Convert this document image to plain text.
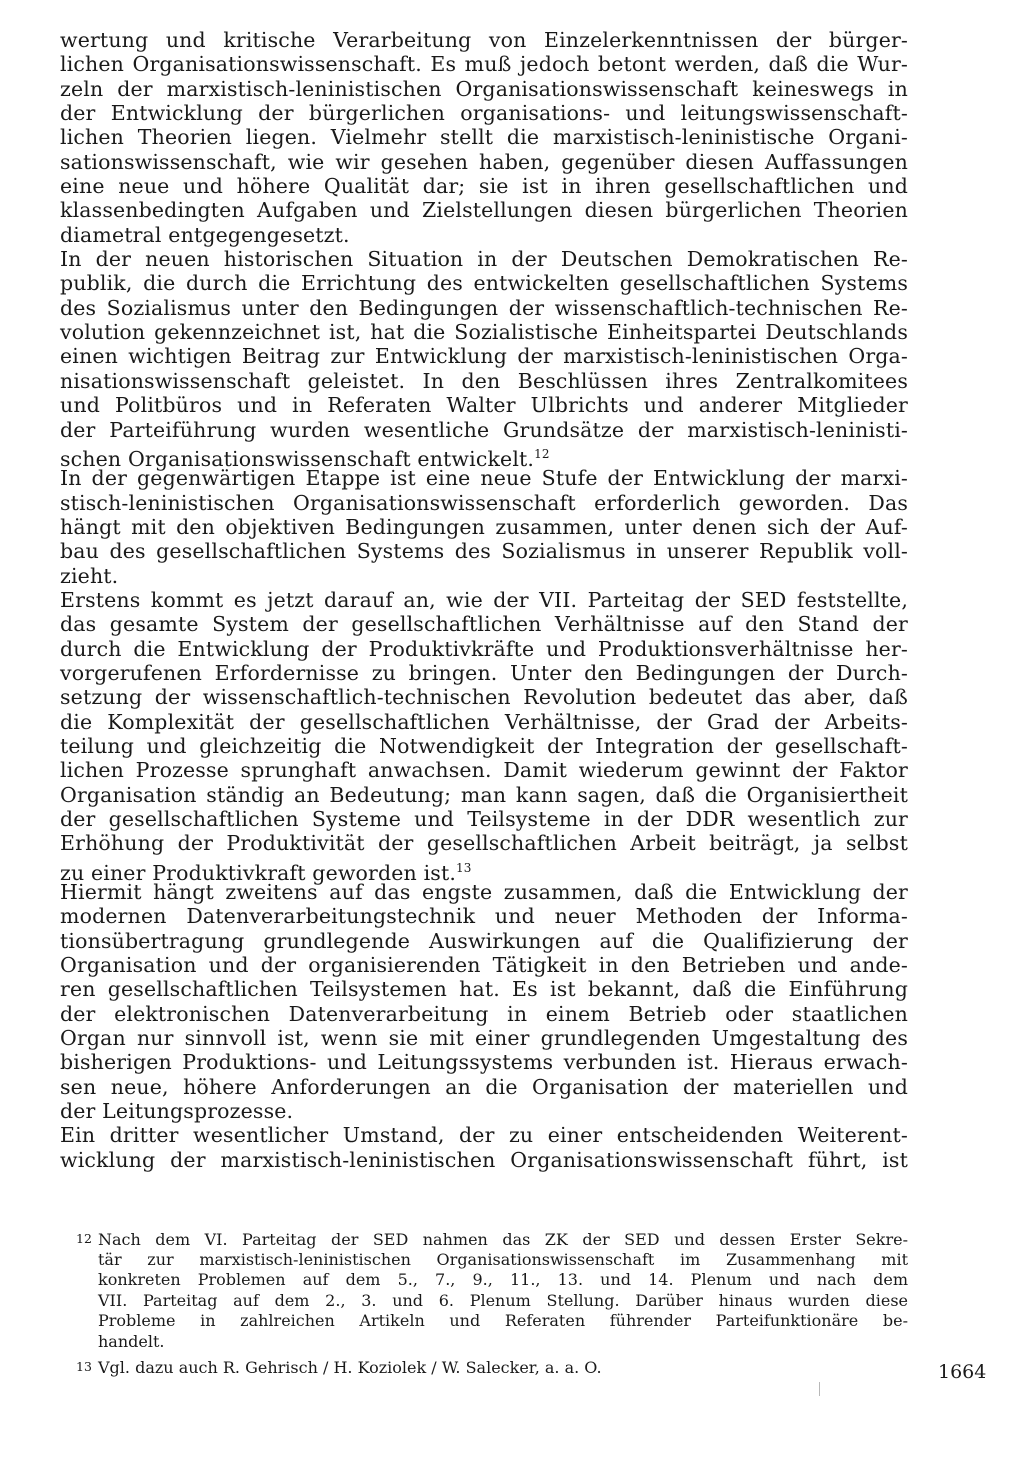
wertung und kritische Verarbeitung von Einzelerkenntnissen der bürger-
lichen Organisationswissenschaft. Es muß jedoch betont werden, daß die Wur-
zeln der marxistisch-leninistischen Organisationswissenschaft keineswegs in
der Entwicklung der bürgerlichen organisations- und leitungswissenschaft-
lichen Theorien liegen. Vielmehr stellt die marxistisch-leninistische Organi-
sationswissenschaft, wie wir gesehen haben, gegenüber diesen Auffassungen
eine neue und höhere Qualität dar; sie ist in ihren gesellschaftlichen und
klassenbedingten Aufgaben und Zielstellungen diesen bürgerlichen Theorien
diametral entgegengesetzt.
In der neuen historischen Situation in der Deutschen Demokratischen Re-
publik, die durch die Errichtung des entwickelten gesellschaftlichen Systems
des Sozialismus unter den Bedingungen der wissenschaftlich-technischen Re-
volution gekennzeichnet ist, hat die Sozialistische Einheitspartei Deutschlands
einen wichtigen Beitrag zur Entwicklung der marxistisch-leninistischen Orga-
nisationswissenschaft geleistet. In den Beschlüssen ihres Zentralkomitees
und Politbüros und in Referaten Walter Ulbrichts und anderer Mitglieder
der Parteiführung wurden wesentliche Grundsätze der marxistisch-leninisti-
schen Organisationswissenschaft entwickelt.$^{12}$
In der gegenwärtigen Etappe ist eine neue Stufe der Entwicklung der marxi-
stisch-leninistischen Organisationswissenschaft erforderlich geworden. Das
hängt mit den objektiven Bedingungen zusammen, unter denen sich der Auf-
bau des gesellschaftlichen Systems des Sozialismus in unserer Republik voll-
zieht.
Erstens kommt es jetzt darauf an, wie der VII. Parteitag der SED feststellte,
das gesamte System der gesellschaftlichen Verhältnisse auf den Stand der
durch die Entwicklung der Produktivkräfte und Produktionsverhältnisse her-
vorgerufenen Erfordernisse zu bringen. Unter den Bedingungen der Durch-
setzung der wissenschaftlich-technischen Revolution bedeutet das aber, daß
die Komplexität der gesellschaftlichen Verhältnisse, der Grad der Arbeits-
teilung und gleichzeitig die Notwendigkeit der Integration der gesellschaft-
lichen Prozesse sprunghaft anwachsen. Damit wiederum gewinnt der Faktor
Organisation ständig an Bedeutung; man kann sagen, daß die Organisiertheit
der gesellschaftlichen Systeme und Teilsysteme in der DDR wesentlich zur
Erhöhung der Produktivität der gesellschaftlichen Arbeit beiträgt, ja selbst
zu einer Produktivkraft geworden ist.$^{13}$
Hiermit hängt zweitens auf das engste zusammen, daß die Entwicklung der
modernen Datenverarbeitungstechnik und neuer Methoden der Informa-
tionsübertragung grundlegende Auswirkungen auf die Qualifizierung der
Organisation und der organisierenden Tätigkeit in den Betrieben und ande-
ren gesellschaftlichen Teilsystemen hat. Es ist bekannt, daß die Einführung
der elektronischen Datenverarbeitung in einem Betrieb oder staatlichen
Organ nur sinnvoll ist, wenn sie mit einer grundlegenden Umgestaltung des
bisherigen Produktions- und Leitungssystems verbunden ist. Hieraus erwach-
sen neue, höhere Anforderungen an die Organisation der materiellen und
der Leitungsprozesse.
Ein dritter wesentlicher Umstand, der zu einer entscheidenden Weiterent-
wicklung der marxistisch-leninistischen Organisationswissenschaft führt, ist
12 Nach dem VI. Parteitag der SED nahmen das ZK der SED und dessen Erster Sekre-
tär zur marxistisch-leninistischen Organisationswissenschaft im Zusammenhang mit
konkreten Problemen auf dem 5., 7., 9., 11., 13. und 14. Plenum und nach dem
VII. Parteitag auf dem 2., 3. und 6. Plenum Stellung. Darüber hinaus wurden diese
Probleme in zahlreichen Artikeln und Referaten führender Parteifunktionäre be-
handelt.
13 Vgl. dazu auch R. Gehrisch / H. Koziolek / W. Salecker, a. a. O.	1664
